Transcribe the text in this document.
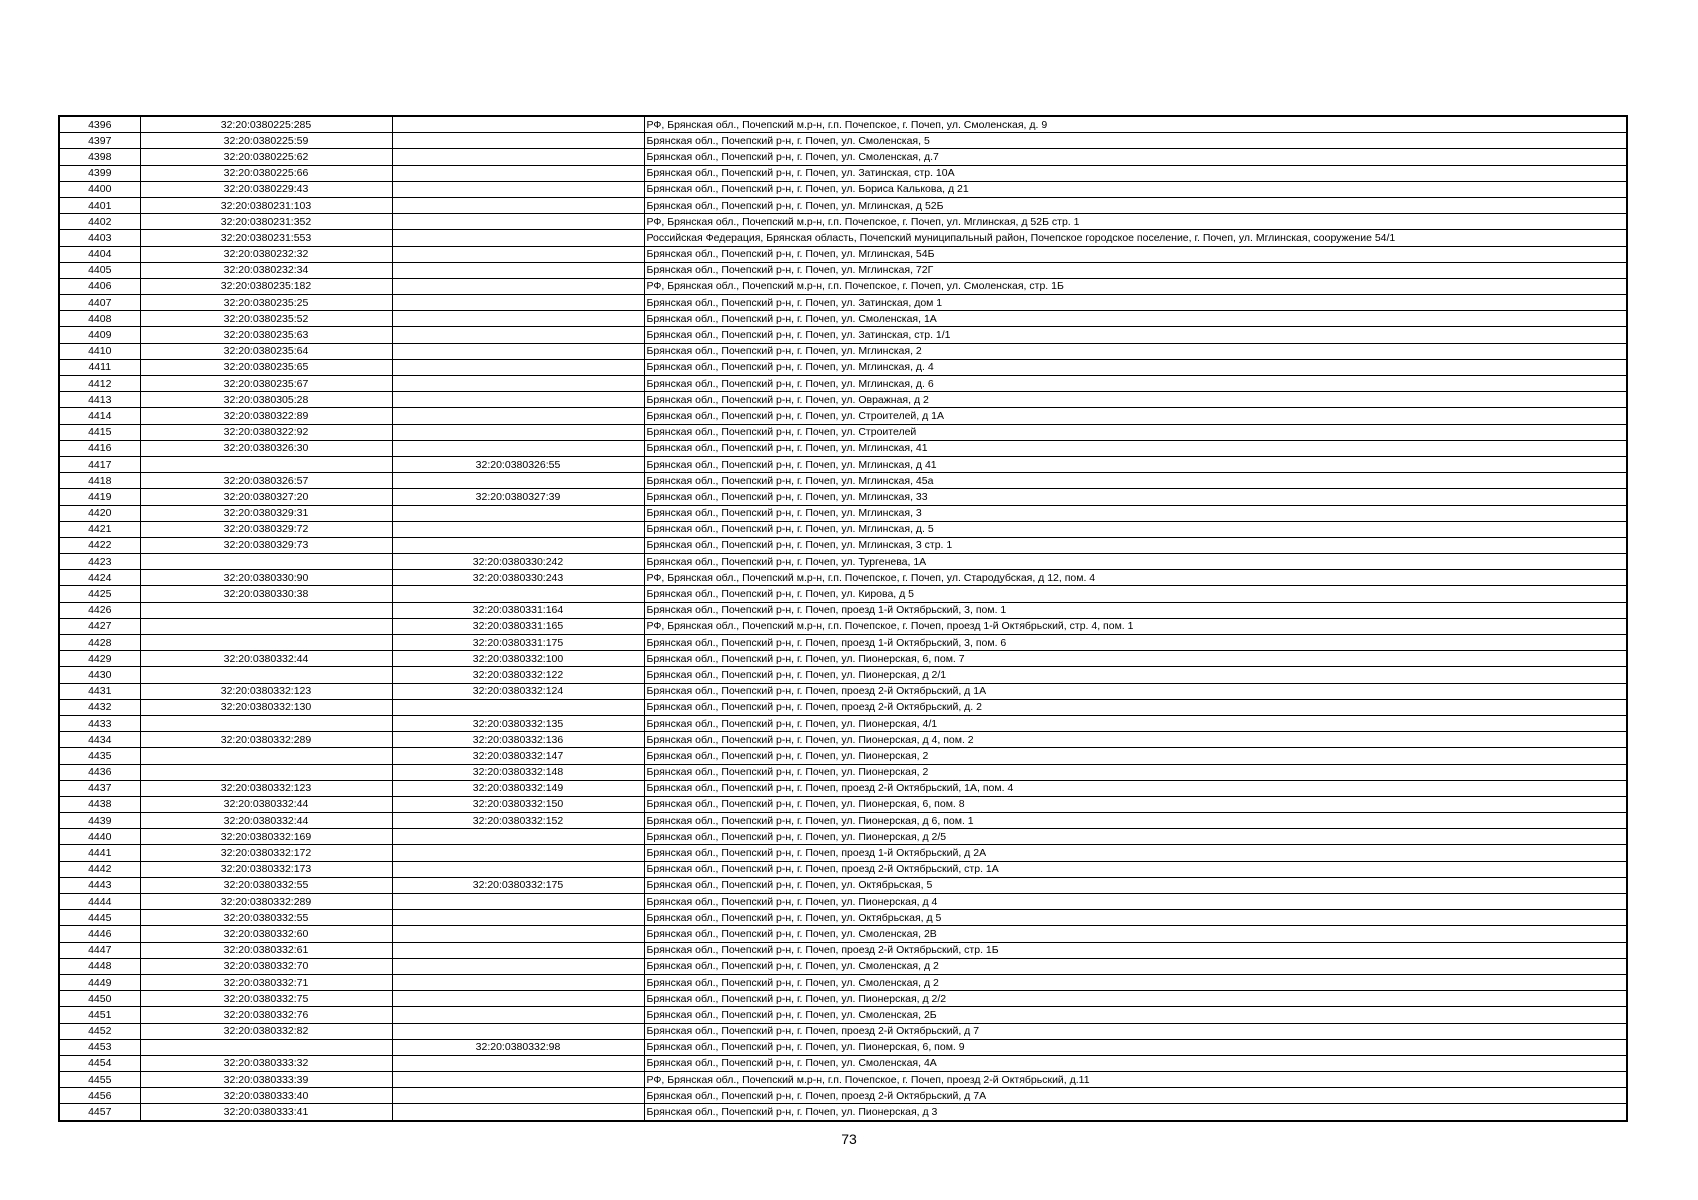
4396	32:20:0380225:285		РФ, Брянская обл., Почепский м.р-н, г.п. Почепское, г. Почеп, ул. Смоленская, д. 9
4397	32:20:0380225:59		Брянская обл., Почепский р-н, г. Почеп, ул. Смоленская, 5
4398	32:20:0380225:62		Брянская обл., Почепский р-н, г. Почеп, ул. Смоленская, д.7
4399	32:20:0380225:66		Брянская обл., Почепский р-н, г. Почеп, ул. Затинская, стр. 10А
4400	32:20:0380229:43		Брянская обл., Почепский р-н, г. Почеп, ул. Бориса Калькова, д 21
4401	32:20:0380231:103		Брянская обл., Почепский р-н, г. Почеп, ул. Мглинская, д 52Б
4402	32:20:0380231:352		РФ, Брянская обл., Почепский м.р-н, г.п. Почепское, г. Почеп, ул. Мглинская, д 52Б стр. 1
4403	32:20:0380231:553		Российская Федерация, Брянская область, Почепский муниципальный район, Почепское городское поселение, г. Почеп, ул. Мглинская, сооружение 54/1
4404	32:20:0380232:32		Брянская обл., Почепский р-н, г. Почеп, ул. Мглинская, 54Б
4405	32:20:0380232:34		Брянская обл., Почепский р-н, г. Почеп, ул. Мглинская, 72Г
4406	32:20:0380235:182		РФ, Брянская обл., Почепский м.р-н, г.п. Почепское, г. Почеп, ул. Смоленская, стр. 1Б
4407	32:20:0380235:25		Брянская обл., Почепский р-н, г. Почеп, ул. Затинская, дом 1
4408	32:20:0380235:52		Брянская обл., Почепский р-н, г. Почеп, ул. Смоленская, 1А
4409	32:20:0380235:63		Брянская обл., Почепский р-н, г. Почеп, ул. Затинская, стр. 1/1
4410	32:20:0380235:64		Брянская обл., Почепский р-н, г. Почеп, ул. Мглинская, 2
4411	32:20:0380235:65		Брянская обл., Почепский р-н, г. Почеп, ул. Мглинская, д. 4
4412	32:20:0380235:67		Брянская обл., Почепский р-н, г. Почеп, ул. Мглинская, д. 6
4413	32:20:0380305:28		Брянская обл., Почепский р-н, г. Почеп, ул. Овражная, д 2
4414	32:20:0380322:89		Брянская обл., Почепский р-н, г. Почеп, ул. Строителей, д 1А
4415	32:20:0380322:92		Брянская обл., Почепский р-н, г. Почеп, ул. Строителей
4416	32:20:0380326:30		Брянская обл., Почепский р-н, г. Почеп, ул. Мглинская, 41
4417		32:20:0380326:55	Брянская обл., Почепский р-н, г. Почеп, ул. Мглинская, д 41
4418	32:20:0380326:57		Брянская обл., Почепский р-н, г. Почеп, ул. Мглинская, 45а
4419	32:20:0380327:20	32:20:0380327:39	Брянская обл., Почепский р-н, г. Почеп, ул. Мглинская, 33
4420	32:20:0380329:31		Брянская обл., Почепский р-н, г. Почеп, ул. Мглинская, 3
4421	32:20:0380329:72		Брянская обл., Почепский р-н, г. Почеп, ул. Мглинская, д. 5
4422	32:20:0380329:73		Брянская обл., Почепский р-н, г. Почеп, ул. Мглинская, 3 стр. 1
4423		32:20:0380330:242	Брянская обл., Почепский р-н, г. Почеп, ул. Тургенева, 1А
4424	32:20:0380330:90	32:20:0380330:243	РФ, Брянская обл., Почепский м.р-н, г.п. Почепское, г. Почеп, ул. Стародубская, д 12, пом. 4
4425	32:20:0380330:38		Брянская обл., Почепский р-н, г. Почеп, ул. Кирова, д 5
4426		32:20:0380331:164	Брянская обл., Почепский р-н, г. Почеп, проезд 1-й Октябрьский, 3, пом. 1
4427		32:20:0380331:165	РФ, Брянская обл., Почепский м.р-н, г.п. Почепское, г. Почеп, проезд 1-й Октябрьский, стр. 4, пом. 1
4428		32:20:0380331:175	Брянская обл., Почепский р-н, г. Почеп, проезд 1-й Октябрьский, 3, пом. 6
4429	32:20:0380332:44	32:20:0380332:100	Брянская обл., Почепский р-н, г. Почеп, ул. Пионерская, 6, пом. 7
4430		32:20:0380332:122	Брянская обл., Почепский р-н, г. Почеп, ул. Пионерская, д 2/1
4431	32:20:0380332:123	32:20:0380332:124	Брянская обл., Почепский р-н, г. Почеп, проезд 2-й Октябрьский, д 1А
4432	32:20:0380332:130		Брянская обл., Почепский р-н, г. Почеп, проезд 2-й Октябрьский, д. 2
4433		32:20:0380332:135	Брянская обл., Почепский р-н, г. Почеп, ул. Пионерская, 4/1
4434	32:20:0380332:289	32:20:0380332:136	Брянская обл., Почепский р-н, г. Почеп, ул. Пионерская, д 4, пом. 2
4435		32:20:0380332:147	Брянская обл., Почепский р-н, г. Почеп, ул. Пионерская, 2
4436		32:20:0380332:148	Брянская обл., Почепский р-н, г. Почеп, ул. Пионерская, 2
4437	32:20:0380332:123	32:20:0380332:149	Брянская обл., Почепский р-н, г. Почеп, проезд 2-й Октябрьский, 1А, пом. 4
4438	32:20:0380332:44	32:20:0380332:150	Брянская обл., Почепский р-н, г. Почеп, ул. Пионерская, 6, пом. 8
4439	32:20:0380332:44	32:20:0380332:152	Брянская обл., Почепский р-н, г. Почеп, ул. Пионерская, д 6, пом. 1
4440	32:20:0380332:169		Брянская обл., Почепский р-н, г. Почеп, ул. Пионерская, д 2/5
4441	32:20:0380332:172		Брянская обл., Почепский р-н, г. Почеп, проезд 1-й Октябрьский, д 2А
4442	32:20:0380332:173		Брянская обл., Почепский р-н, г. Почеп, проезд 2-й Октябрьский, стр. 1А
4443	32:20:0380332:55	32:20:0380332:175	Брянская обл., Почепский р-н, г. Почеп, ул. Октябрьская, 5
4444	32:20:0380332:289		Брянская обл., Почепский р-н, г. Почеп, ул. Пионерская, д 4
4445	32:20:0380332:55		Брянская обл., Почепский р-н, г. Почеп, ул. Октябрьская, д 5
4446	32:20:0380332:60		Брянская обл., Почепский р-н, г. Почеп, ул. Смоленская, 2В
4447	32:20:0380332:61		Брянская обл., Почепский р-н, г. Почеп, проезд 2-й Октябрьский, стр. 1Б
4448	32:20:0380332:70		Брянская обл., Почепский р-н, г. Почеп, ул. Смоленская, д 2
4449	32:20:0380332:71		Брянская обл., Почепский р-н, г. Почеп, ул. Смоленская, д 2
4450	32:20:0380332:75		Брянская обл., Почепский р-н, г. Почеп, ул. Пионерская, д 2/2
4451	32:20:0380332:76		Брянская обл., Почепский р-н, г. Почеп, ул. Смоленская, 2Б
4452	32:20:0380332:82		Брянская обл., Почепский р-н, г. Почеп, проезд 2-й Октябрьский, д 7
4453		32:20:0380332:98	Брянская обл., Почепский р-н, г. Почеп, ул. Пионерская, 6, пом. 9
4454	32:20:0380333:32		Брянская обл., Почепский р-н, г. Почеп, ул. Смоленская, 4А
4455	32:20:0380333:39		РФ, Брянская обл., Почепский м.р-н, г.п. Почепское, г. Почеп, проезд 2-й Октябрьский, д.11
4456	32:20:0380333:40		Брянская обл., Почепский р-н, г. Почеп, проезд 2-й Октябрьский, д 7А
4457	32:20:0380333:41		Брянская обл., Почепский р-н, г. Почеп, ул. Пионерская, д 3
73
